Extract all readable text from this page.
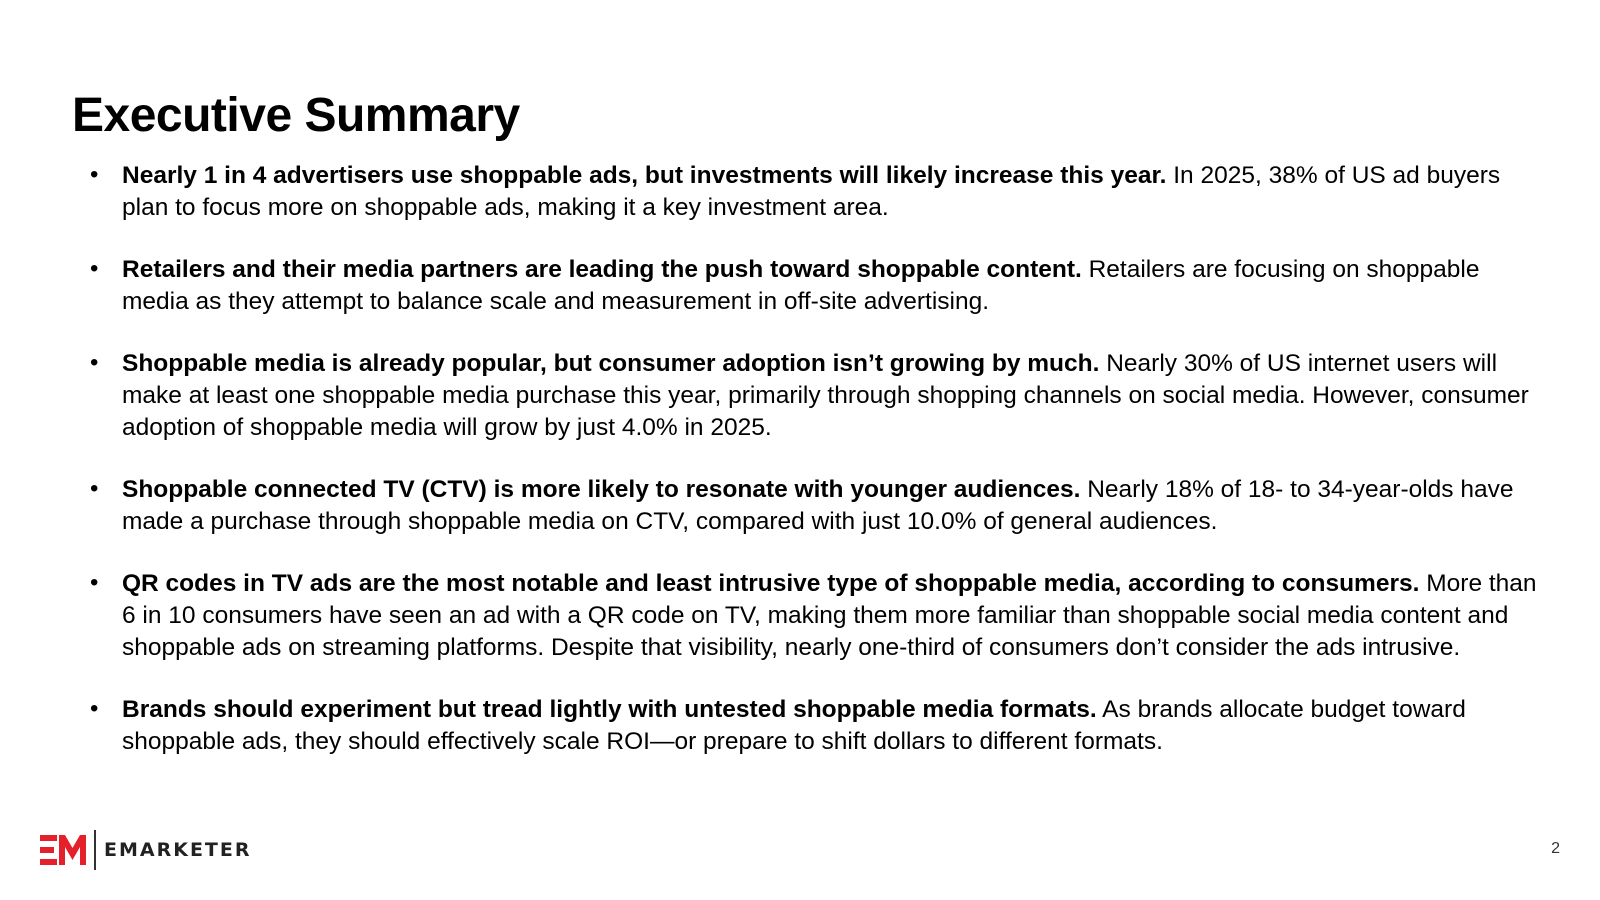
Executive Summary
• Nearly 1 in 4 advertisers use shoppable ads, but investments will likely increase this year. In 2025, 38% of US ad buyers plan to focus more on shoppable ads, making it a key investment area.
• Retailers and their media partners are leading the push toward shoppable content. Retailers are focusing on shoppable media as they attempt to balance scale and measurement in off-site advertising.
• Shoppable media is already popular, but consumer adoption isn’t growing by much. Nearly 30% of US internet users will make at least one shoppable media purchase this year, primarily through shopping channels on social media. However, consumer adoption of shoppable media will grow by just 4.0% in 2025.
• Shoppable connected TV (CTV) is more likely to resonate with younger audiences. Nearly 18% of 18- to 34-year-olds have made a purchase through shoppable media on CTV, compared with just 10.0% of general audiences.
• QR codes in TV ads are the most notable and least intrusive type of shoppable media, according to consumers. More than 6 in 10 consumers have seen an ad with a QR code on TV, making them more familiar than shoppable social media content and shoppable ads on streaming platforms. Despite that visibility, nearly one-third of consumers don’t consider the ads intrusive.
• Brands should experiment but tread lightly with untested shoppable media formats. As brands allocate budget toward shoppable ads, they should effectively scale ROI—or prepare to shift dollars to different formats.
EMARKETER	2
